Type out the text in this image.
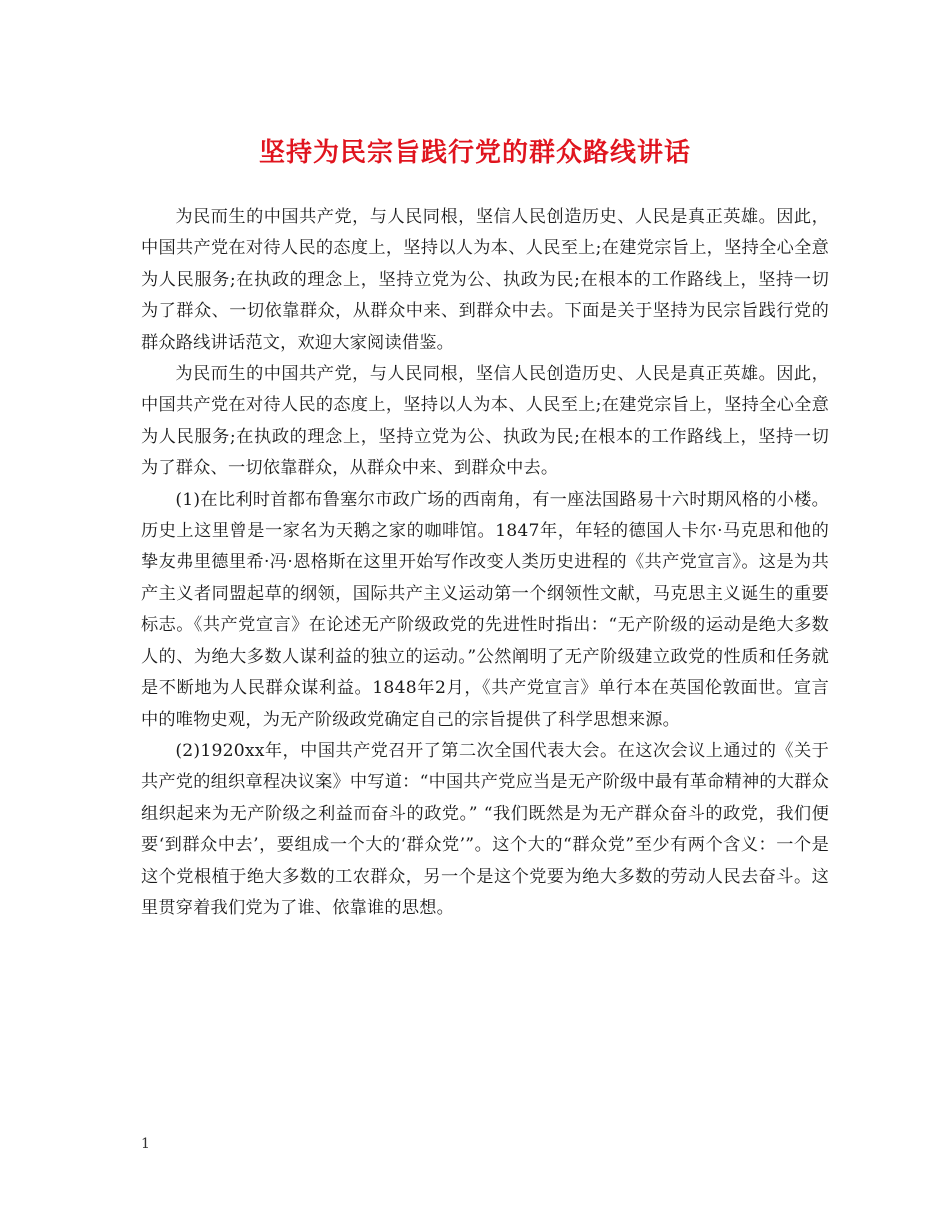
坚持为民宗旨践行党的群众路线讲话

为民而生的中国共产党，与人民同根，坚信人民创造历史、人民是真正英雄。因此，中国共产党在对待人民的态度上，坚持以人为本、人民至上;在建党宗旨上，坚持全心全意为人民服务;在执政的理念上，坚持立党为公、执政为民;在根本的工作路线上，坚持一切为了群众、一切依靠群众，从群众中来、到群众中去。下面是关于坚持为民宗旨践行党的群众路线讲话范文，欢迎大家阅读借鉴。

为民而生的中国共产党，与人民同根，坚信人民创造历史、人民是真正英雄。因此，中国共产党在对待人民的态度上，坚持以人为本、人民至上;在建党宗旨上，坚持全心全意为人民服务;在执政的理念上，坚持立党为公、执政为民;在根本的工作路线上，坚持一切为了群众、一切依靠群众，从群众中来、到群众中去。

(1)在比利时首都布鲁塞尔市政广场的西南角，有一座法国路易十六时期风格的小楼。历史上这里曾是一家名为天鹅之家的咖啡馆。1847年，年轻的德国人卡尔·马克思和他的挚友弗里德里希·冯·恩格斯在这里开始写作改变人类历史进程的《共产党宣言》。这是为共产主义者同盟起草的纲领，国际共产主义运动第一个纲领性文献，马克思主义诞生的重要标志。《共产党宣言》在论述无产阶级政党的先进性时指出：“无产阶级的运动是绝大多数人的、为绝大多数人谋利益的独立的运动。”公然阐明了无产阶级建立政党的性质和任务就是不断地为人民群众谋利益。1848年2月，《共产党宣言》单行本在英国伦敦面世。宣言中的唯物史观，为无产阶级政党确定自己的宗旨提供了科学思想来源。

(2)1920xx年，中国共产党召开了第二次全国代表大会。在这次会议上通过的《关于共产党的组织章程决议案》中写道：“中国共产党应当是无产阶级中最有革命精神的大群众组织起来为无产阶级之利益而奋斗的政党。” “我们既然是为无产群众奋斗的政党，我们便要‘到群众中去’，要组成一个大的‘群众党’”。这个大的“群众党”至少有两个含义：一个是这个党根植于绝大多数的工农群众，另一个是这个党要为绝大多数的劳动人民去奋斗。这里贯穿着我们党为了谁、依靠谁的思想。

1
